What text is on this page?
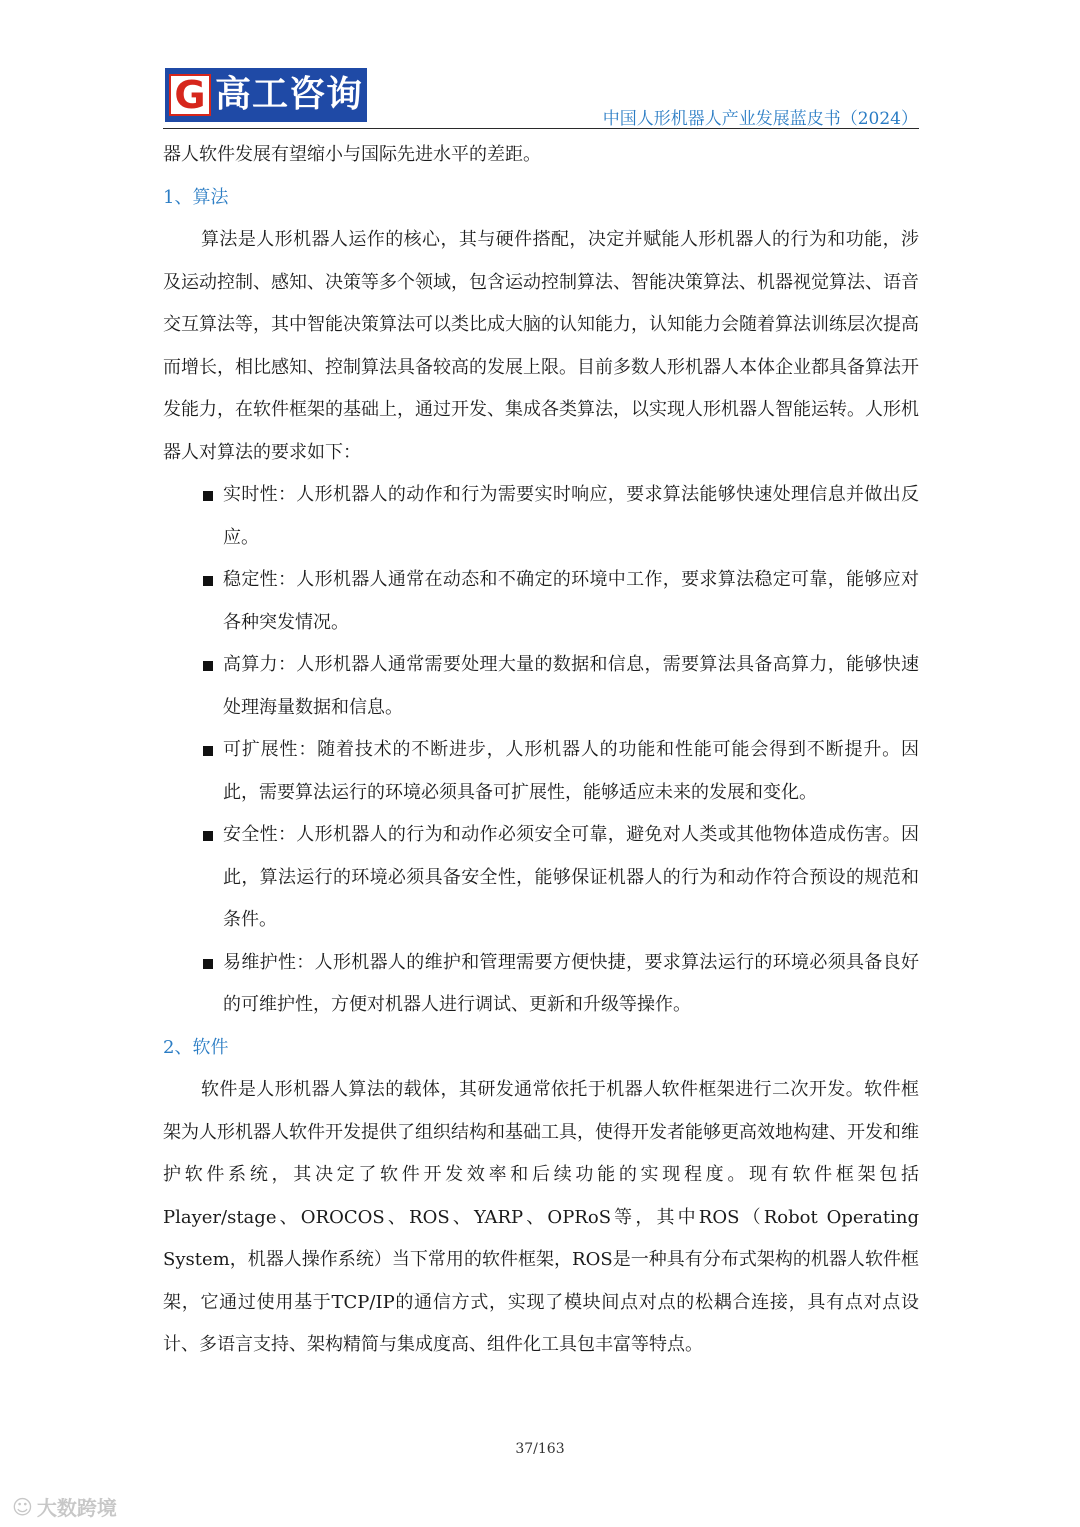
G 高工咨询
中国人形机器人产业发展蓝皮书（2024）

器人软件发展有望缩小与国际先进水平的差距。

1、算法

算法是人形机器人运作的核心，其与硬件搭配，决定并赋能人形机器人的行为和功能，涉及运动控制、感知、决策等多个领域，包含运动控制算法、智能决策算法、机器视觉算法、语音交互算法等，其中智能决策算法可以类比成大脑的认知能力，认知能力会随着算法训练层次提高而增长，相比感知、控制算法具备较高的发展上限。目前多数人形机器人本体企业都具备算法开发能力，在软件框架的基础上，通过开发、集成各类算法，以实现人形机器人智能运转。人形机器人对算法的要求如下：

实时性：人形机器人的动作和行为需要实时响应，要求算法能够快速处理信息并做出反应。
稳定性：人形机器人通常在动态和不确定的环境中工作，要求算法稳定可靠，能够应对各种突发情况。
高算力：人形机器人通常需要处理大量的数据和信息，需要算法具备高算力，能够快速处理海量数据和信息。
可扩展性：随着技术的不断进步，人形机器人的功能和性能可能会得到不断提升。因此，需要算法运行的环境必须具备可扩展性，能够适应未来的发展和变化。
安全性：人形机器人的行为和动作必须安全可靠，避免对人类或其他物体造成伤害。因此，算法运行的环境必须具备安全性，能够保证机器人的行为和动作符合预设的规范和条件。
易维护性：人形机器人的维护和管理需要方便快捷，要求算法运行的环境必须具备良好的可维护性，方便对机器人进行调试、更新和升级等操作。

2、软件

软件是人形机器人算法的载体，其研发通常依托于机器人软件框架进行二次开发。软件框架为人形机器人软件开发提供了组织结构和基础工具，使得开发者能够更高效地构建、开发和维护软件系统，其决定了软件开发效率和后续功能的实现程度。现有软件框架包括Player/stage、OROCOS、ROS、YARP、OPRoS等，其中ROS（Robot Operating System，机器人操作系统）当下常用的软件框架，ROS是一种具有分布式架构的机器人软件框架，它通过使用基于TCP/IP的通信方式，实现了模块间点对点的松耦合连接，具有点对点设计、多语言支持、架构精简与集成度高、组件化工具包丰富等特点。

37/163
☺ 大数跨境
